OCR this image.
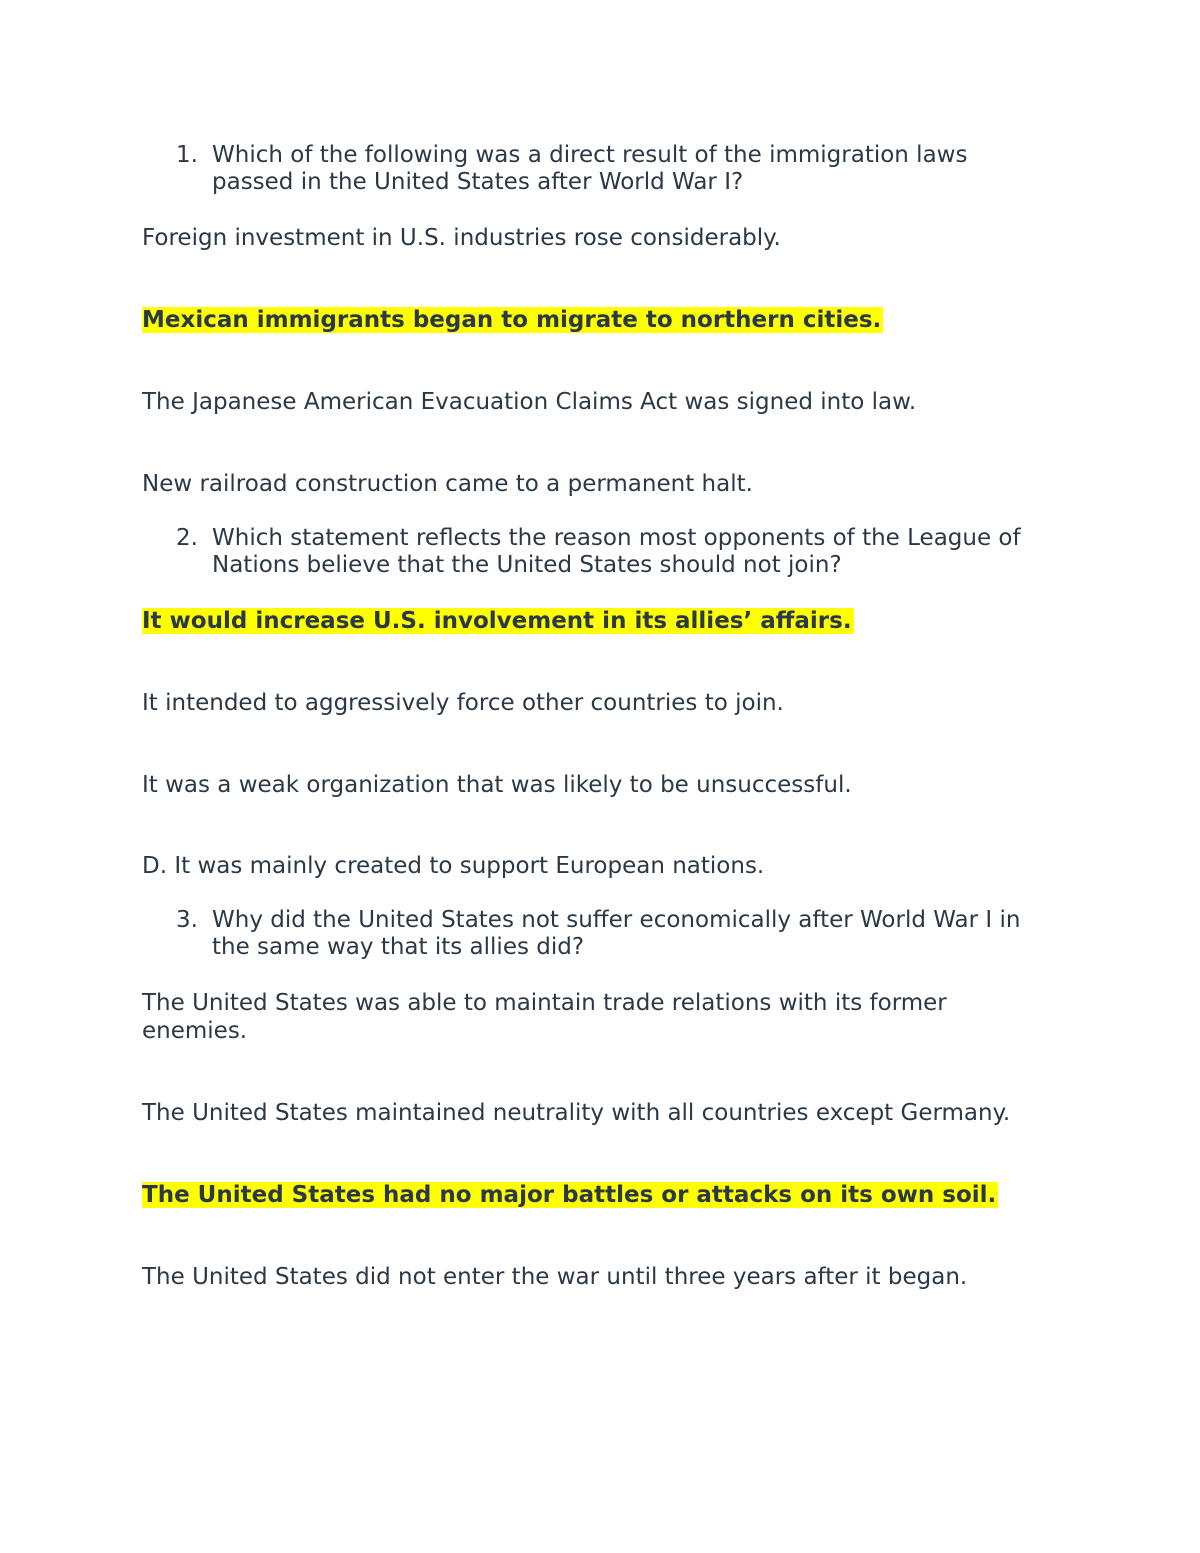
1. Which of the following was a direct result of the immigration laws passed in the United States after World War I?
Foreign investment in U.S. industries rose considerably.
Mexican immigrants began to migrate to northern cities.
The Japanese American Evacuation Claims Act was signed into law.
New railroad construction came to a permanent halt.
2. Which statement reflects the reason most opponents of the League of Nations believe that the United States should not join?
It would increase U.S. involvement in its allies’ affairs.
It intended to aggressively force other countries to join.
It was a weak organization that was likely to be unsuccessful.
D. It was mainly created to support European nations.
3. Why did the United States not suffer economically after World War I in the same way that its allies did?
The United States was able to maintain trade relations with its former enemies.
The United States maintained neutrality with all countries except Germany.
The United States had no major battles or attacks on its own soil.
The United States did not enter the war until three years after it began.
